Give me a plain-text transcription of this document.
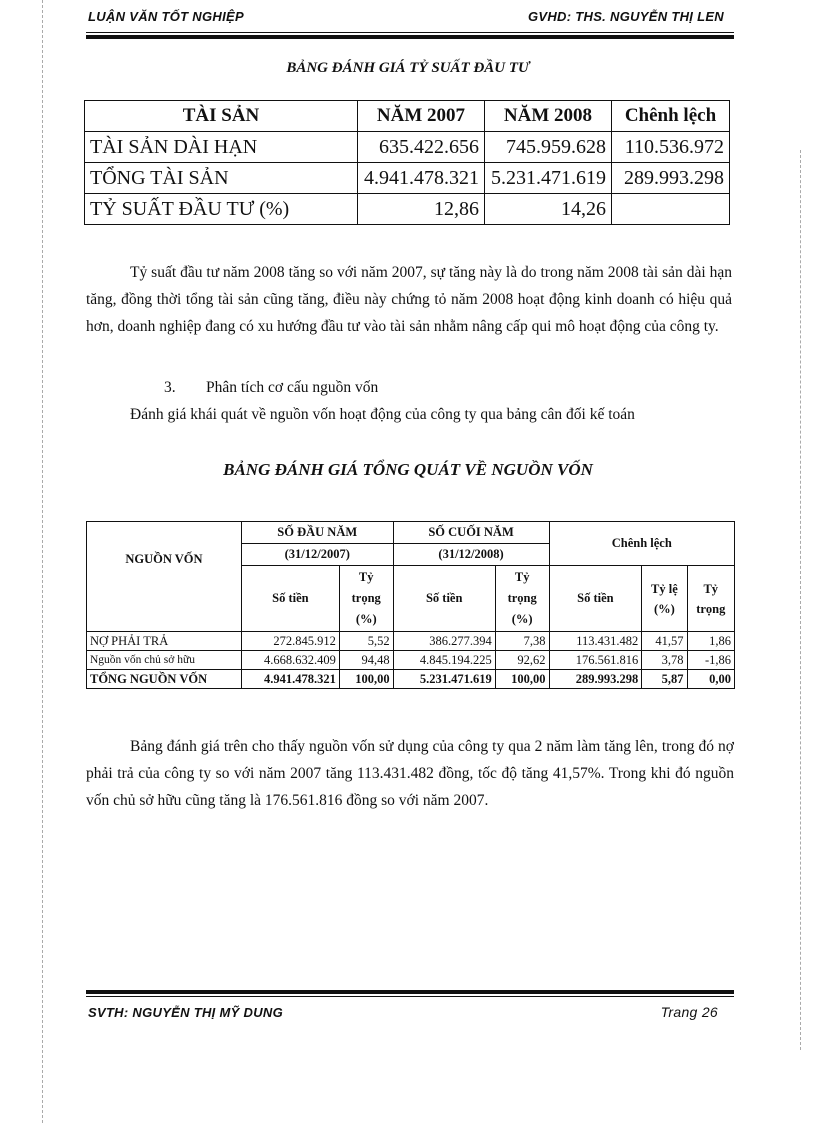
LUẬN VĂN TỐT NGHIỆP	GVHD: THS. NGUYỄN THỊ LEN
BẢNG ĐÁNH GIÁ TỶ SUẤT ĐẦU TƯ
TÀI SẢN	NĂM 2007	NĂM 2008	Chênh lệch
TÀI SẢN DÀI HẠN	635.422.656	745.959.628	110.536.972
TỔNG TÀI SẢN	4.941.478.321	5.231.471.619	289.993.298
TỶ SUẤT ĐẦU TƯ (%)	12,86	14,26	
Tỷ suất đầu tư năm 2008 tăng so với năm 2007, sự tăng này là do trong năm 2008 tài sản dài hạn tăng, đồng thời tổng tài sản cũng tăng, điều này chứng tỏ năm 2008 hoạt động kinh doanh có hiệu quả hơn, doanh nghiệp đang có xu hướng đầu tư vào tài sản nhằm nâng cấp qui mô hoạt động của công ty.
3. Phân tích cơ cấu nguồn vốn
Đánh giá khái quát về nguồn vốn hoạt động của công ty qua bảng cân đối kế toán
BẢNG ĐÁNH GIÁ TỔNG QUÁT VỀ NGUỒN VỐN
NGUỒN VỐN	SỐ ĐẦU NĂM		SỐ CUỐI NĂM		Chênh lệch		
	(31/12/2007)		(31/12/2008)				
	Số tiền	Tỷ
trọng
(%)	Số tiền	Tỷ
trọng
(%)	Số tiền	Tỷ lệ
(%)	Tỷ
trọng
NỢ PHẢI TRẢ	272.845.912	5,52	386.277.394	7,38	113.431.482	41,57	1,86
Nguồn vốn chủ sở hữu	4.668.632.409	94,48	4.845.194.225	92,62	176.561.816	3,78	-1,86
TỔNG NGUỒN VỐN	4.941.478.321	100,00	5.231.471.619	100,00	289.993.298	5,87	0,00
Bảng đánh giá trên cho thấy nguồn vốn sử dụng của công ty qua 2 năm làm tăng lên, trong đó nợ phải trả của công ty so với năm 2007 tăng 113.431.482 đồng, tốc độ tăng 41,57%. Trong khi đó nguồn vốn chủ sở hữu cũng tăng là 176.561.816 đồng so với năm 2007.
SVTH: NGUYỄN THỊ MỸ DUNG	Trang 26
